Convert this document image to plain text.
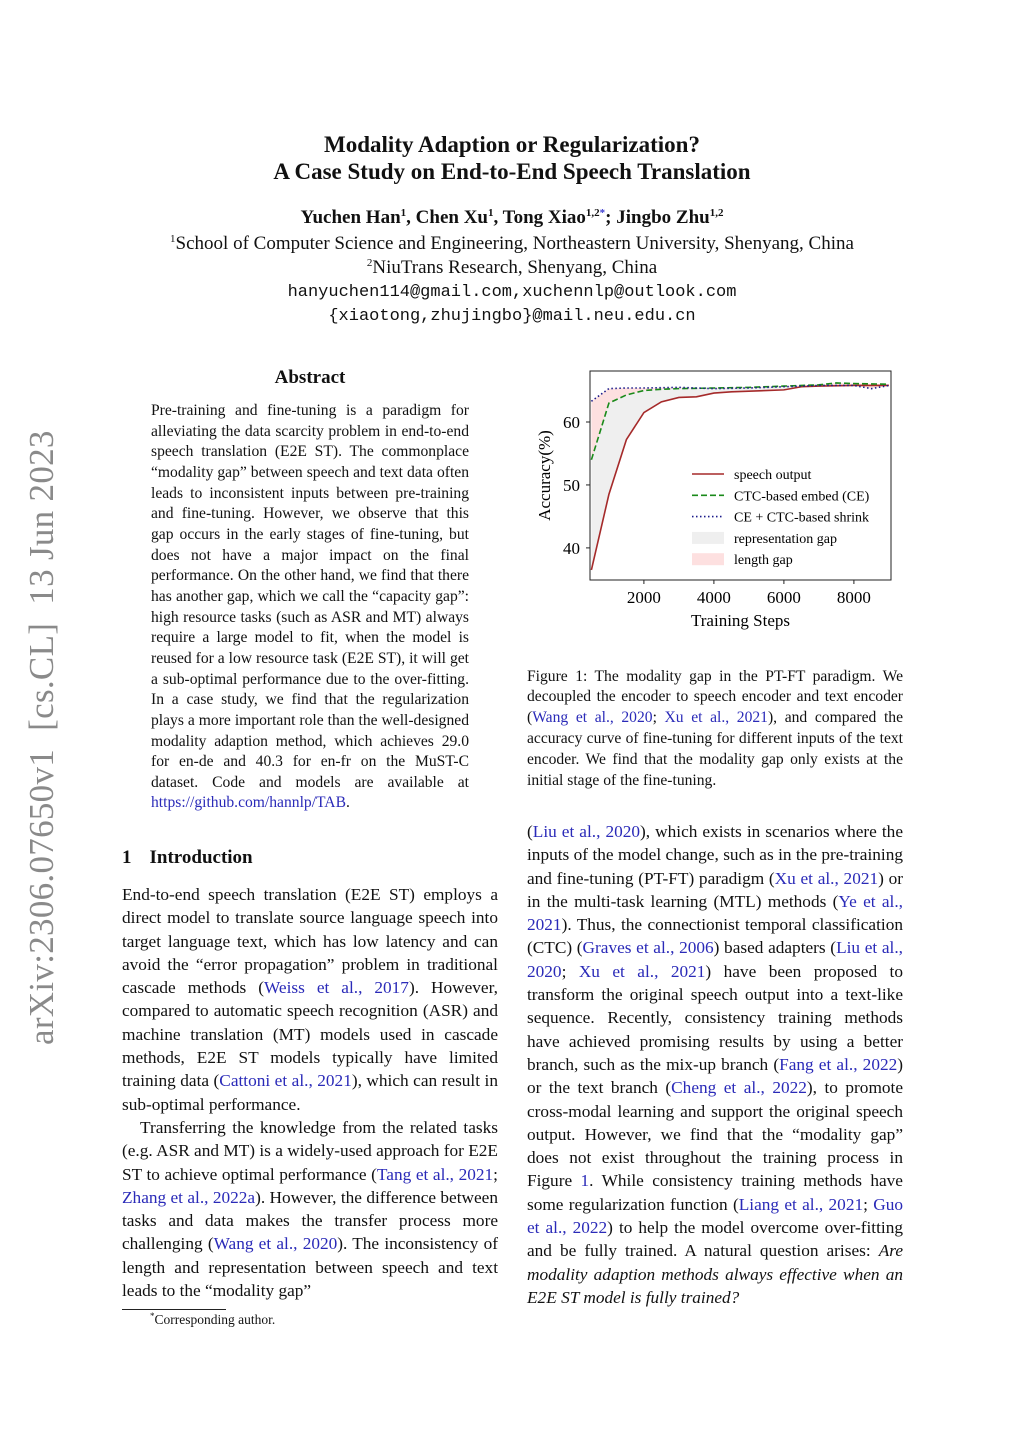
arXiv:2306.07650v1  [cs.CL]  13 Jun 2023
Modality Adaption or Regularization?
A Case Study on End-to-End Speech Translation
Yuchen Han$^1$, Chen Xu$^1$, Tong Xiao$^{1,2*}$; Jingbo Zhu$^{1,2}$
$^1$School of Computer Science and Engineering, Northeastern University, Shenyang, China
$^2$NiuTrans Research, Shenyang, China
hanyuchen114@gmail.com,xuchennlp@outlook.com
{xiaotong,zhujingbo}@mail.neu.edu.cn
Abstract

Pre-training and fine-tuning is a paradigm for alleviating the data scarcity problem in end-to-end speech translation (E2E ST). The commonplace “modality gap” between speech and text data often leads to inconsistent inputs between pre-training and fine-tuning. However, we observe that this gap occurs in the early stages of fine-tuning, but does not have a major impact on the final performance. On the other hand, we find that there has another gap, which we call the “capacity gap”: high resource tasks (such as ASR and MT) always require a large model to fit, when the model is reused for a low resource task (E2E ST), it will get a sub-optimal performance due to the over-fitting. In a case study, we find that the regularization plays a more important role than the well-designed modality adaption method, which achieves 29.0 for en-de and 40.3 for en-fr on the MuST-C dataset. Code and models are available at https://github.com/hannlp/TAB.

1 Introduction

End-to-end speech translation (E2E ST) employs a direct model to translate source language speech into target language text, which has low latency and can avoid the “error propagation” problem in traditional cascade methods (Weiss et al., 2017). However, compared to automatic speech recognition (ASR) and machine translation (MT) models used in cascade methods, E2E ST models typically have limited training data (Cattoni et al., 2021), which can result in sub-optimal performance.

Transferring the knowledge from the related tasks (e.g. ASR and MT) is a widely-used approach for E2E ST to achieve optimal performance (Tang et al., 2021; Zhang et al., 2022a). However, the difference between tasks and data makes the transfer process more challenging (Wang et al., 2020). The inconsistency of length and representation between speech and text leads to the “modality gap”

(Liu et al., 2020), which exists in scenarios where the inputs of the model change, such as in the pre-training and fine-tuning (PT-FT) paradigm (Xu et al., 2021) or in the multi-task learning (MTL) methods (Ye et al., 2021). Thus, the connectionist temporal classification (CTC) (Graves et al., 2006) based adapters (Liu et al., 2020; Xu et al., 2021) have been proposed to transform the original speech output into a text-like sequence. Recently, consistency training methods have achieved promising results by using a better branch, such as the mix-up branch (Fang et al., 2022) or the text branch (Cheng et al., 2022), to promote cross-modal learning and support the original speech output. However, we find that the “modality gap” does not exist throughout the training process in Figure 1. While consistency training methods have some regularization function (Liang et al., 2021; Guo et al., 2022) to help the model overcome over-fitting and be fully trained. A natural question arises: Are modality adaption methods always effective when an E2E ST model is fully trained?

Figure 1: The modality gap in the PT-FT paradigm. We decoupled the encoder to speech encoder and text encoder (Wang et al., 2020; Xu et al., 2021), and compared the accuracy curve of fine-tuning for different inputs of the text encoder. We find that the modality gap only exists at the initial stage of the fine-tuning.

*Corresponding author.
2000 4000 6000 8000
40
50
60
Training Steps
Accuracy(%)	speech output
CTC-based embed (CE)
CE + CTC-based shrink
representation gap
length gap
